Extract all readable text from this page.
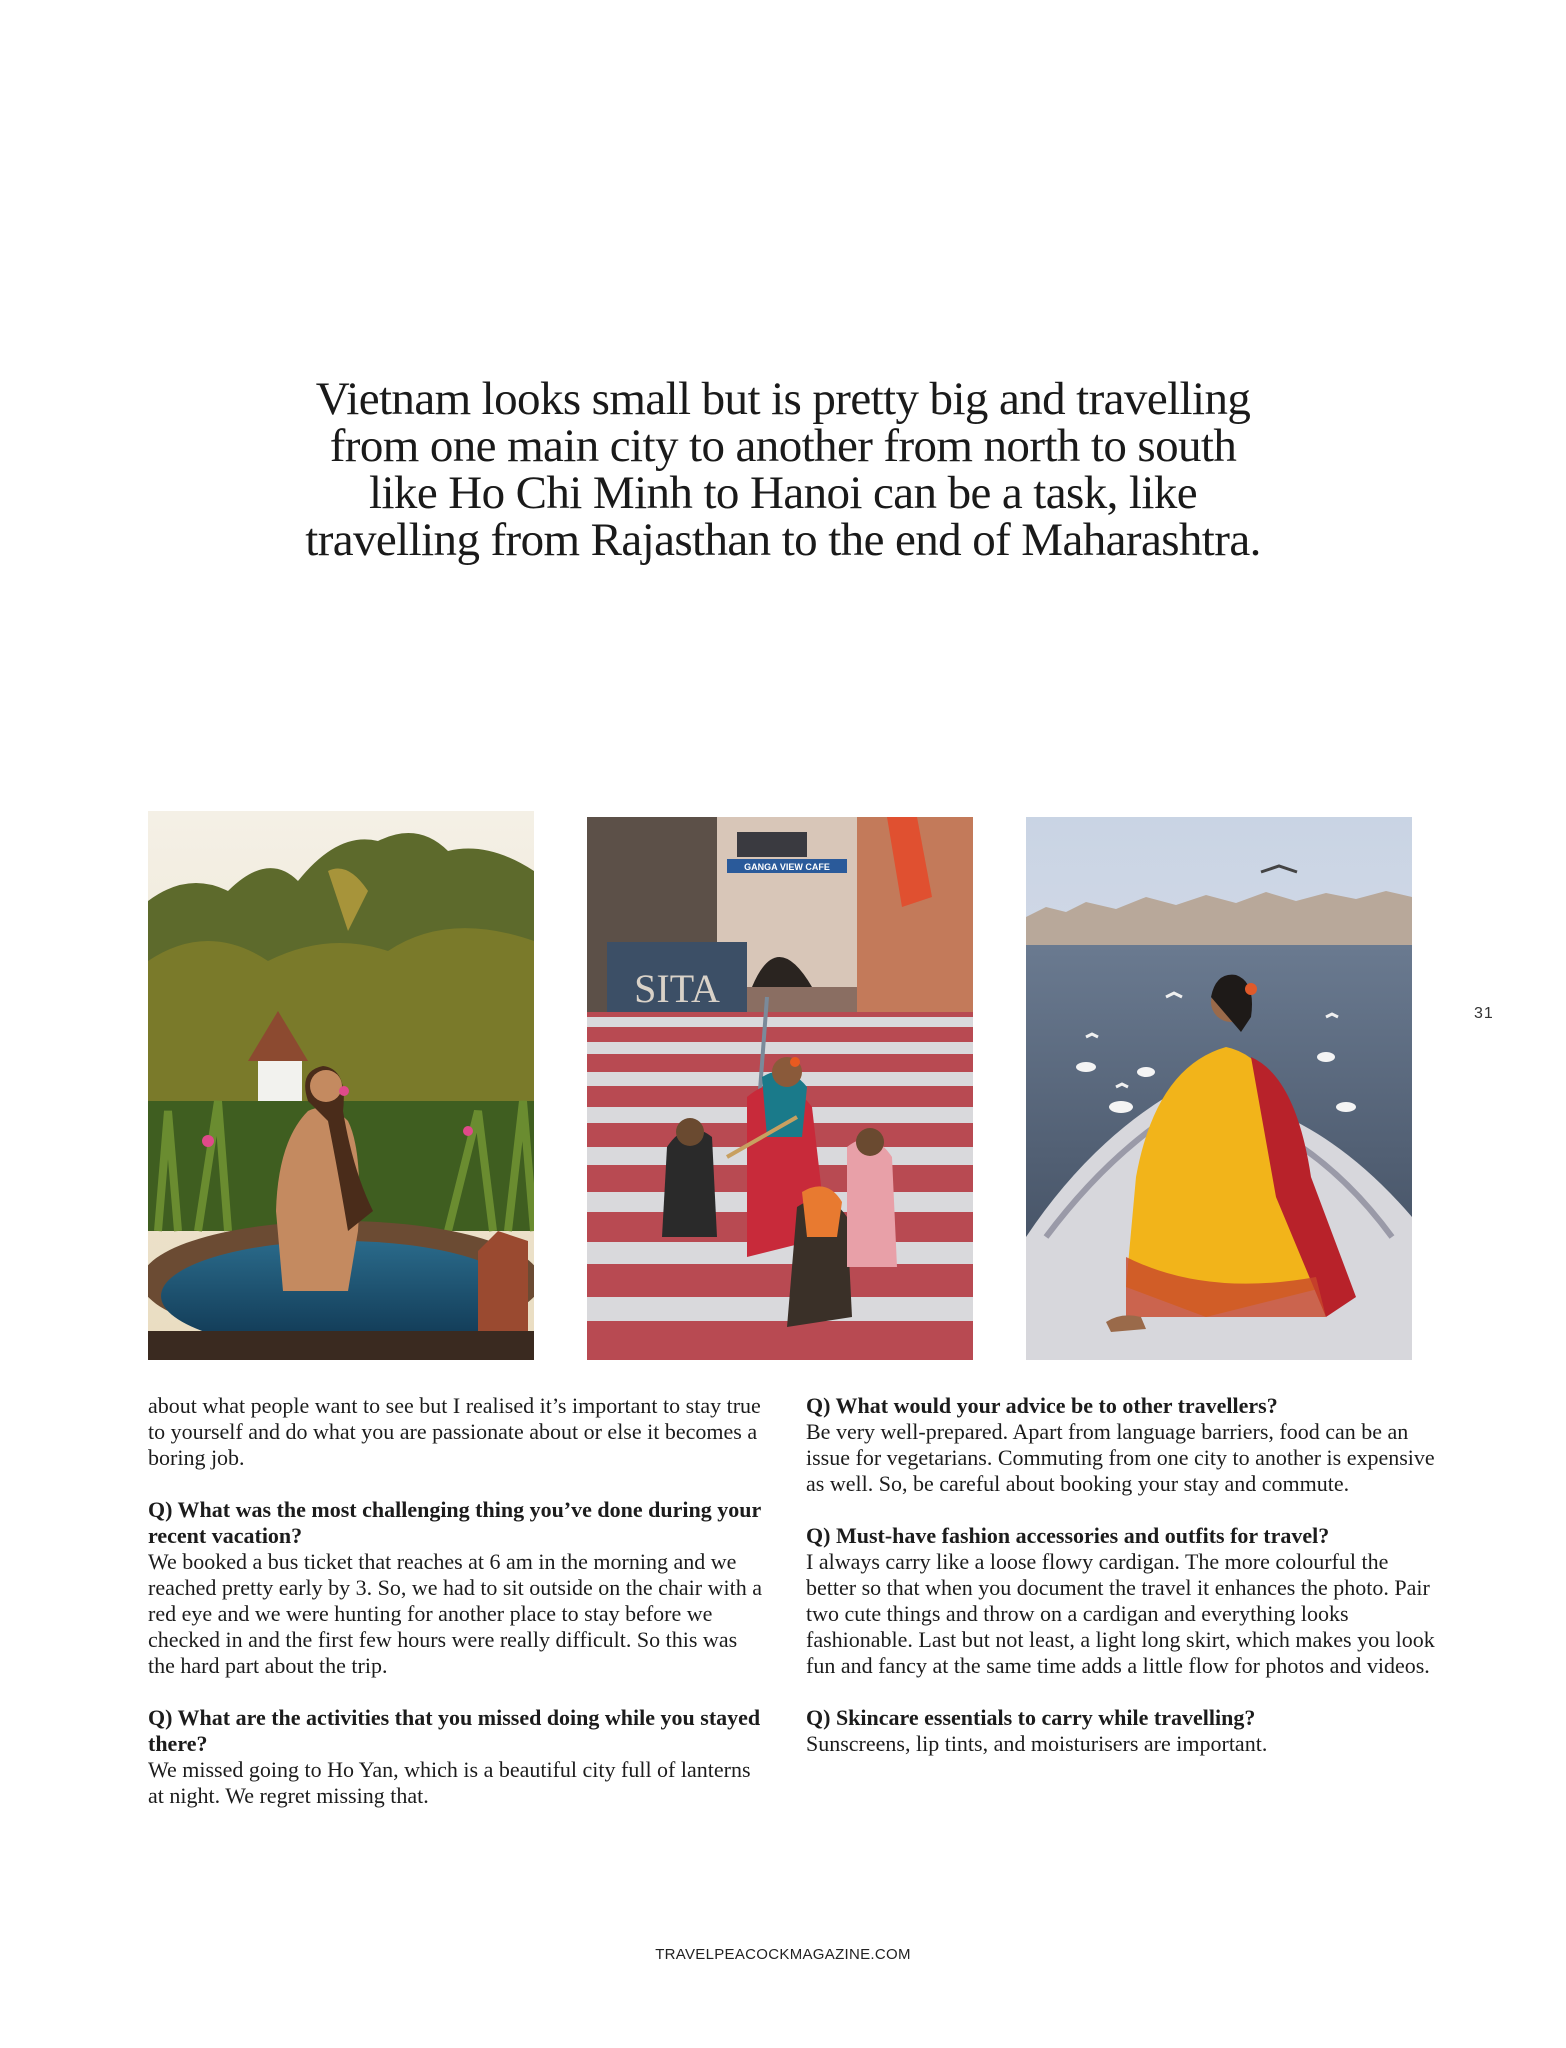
Vietnam looks small but is pretty big and travelling from one main city to another from north to south like Ho Chi Minh to Hanoi can be a task, like travelling from Rajasthan to the end of Maharashtra.
GANGA VIEW CAFE
SITA
31

about what people want to see but I realised it’s important to stay true to yourself and do what you are passionate about or else it becomes a boring job.

Q) What was the most challenging thing you’ve done during your recent vacation?
We booked a bus ticket that reaches at 6 am in the morning and we reached pretty early by 3. So, we had to sit outside on the chair with a red eye and we were hunting for another place to stay before we checked in and the first few hours were really difficult. So this was the hard part about the trip.

Q) What are the activities that you missed doing while you stayed there?
We missed going to Ho Yan, which is a beautiful city full of lanterns at night. We regret missing that.

Q) What would your advice be to other travellers?
Be very well-prepared. Apart from language barriers, food can be an issue for vegetarians. Commuting from one city to another is expensive as well. So, be careful about booking your stay and commute.

Q) Must-have fashion accessories and outfits for travel?
I always carry like a loose flowy cardigan. The more colourful the better so that when you document the travel it enhances the photo. Pair two cute things and throw on a cardigan and everything looks fashionable. Last but not least, a light long skirt, which makes you look fun and fancy at the same time adds a little flow for photos and videos.

Q) Skincare essentials to carry while travelling?
Sunscreens, lip tints, and moisturisers are important.

TRAVELPEACOCKMAGAZINE.COM
